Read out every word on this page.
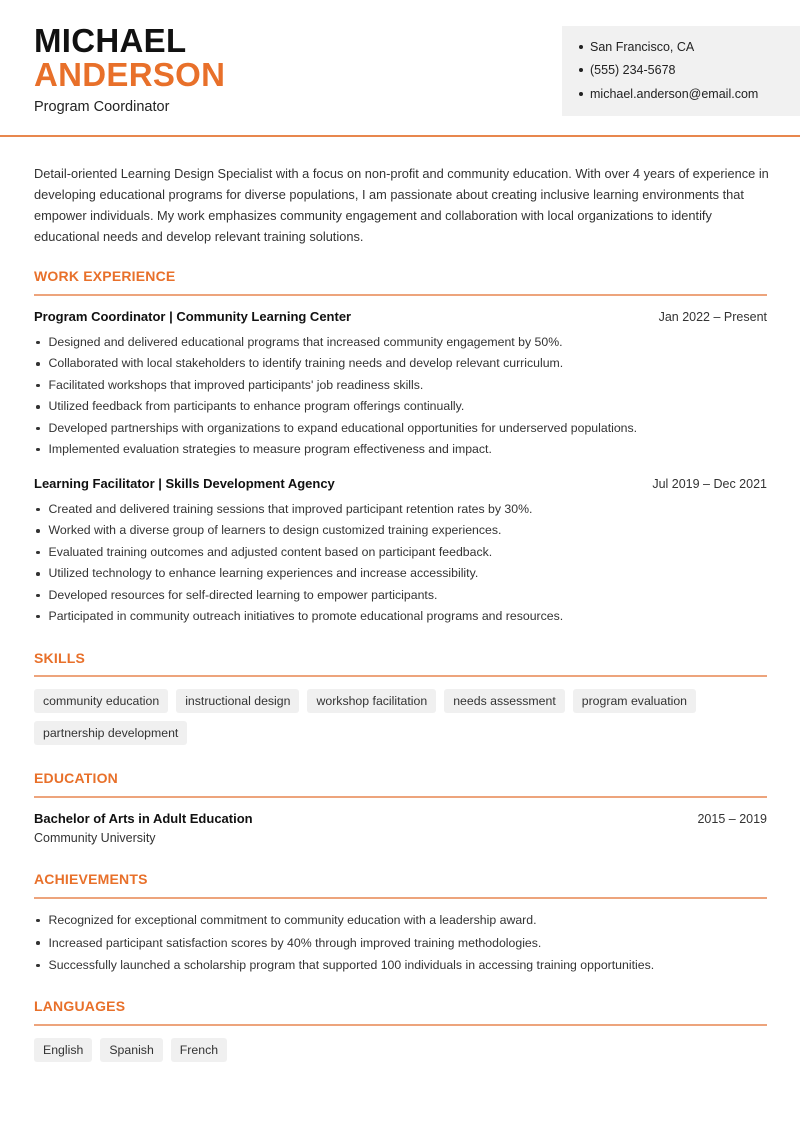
MICHAEL
ANDERSON
Program Coordinator
San Francisco, CA
(555) 234-5678
michael.anderson@email.com

Detail-oriented Learning Design Specialist with a focus on non-profit and community education. With over 4 years of experience in developing educational programs for diverse populations, I am passionate about creating inclusive learning environments that empower individuals. My work emphasizes community engagement and collaboration with local organizations to identify educational needs and develop relevant training solutions.

WORK EXPERIENCE
Program Coordinator | Community Learning Center	Jan 2022 – Present
Designed and delivered educational programs that increased community engagement by 50%.
Collaborated with local stakeholders to identify training needs and develop relevant curriculum.
Facilitated workshops that improved participants' job readiness skills.
Utilized feedback from participants to enhance program offerings continually.
Developed partnerships with organizations to expand educational opportunities for underserved populations.
Implemented evaluation strategies to measure program effectiveness and impact.
Learning Facilitator | Skills Development Agency	Jul 2019 – Dec 2021
Created and delivered training sessions that improved participant retention rates by 30%.
Worked with a diverse group of learners to design customized training experiences.
Evaluated training outcomes and adjusted content based on participant feedback.
Utilized technology to enhance learning experiences and increase accessibility.
Developed resources for self-directed learning to empower participants.
Participated in community outreach initiatives to promote educational programs and resources.
SKILLS
community education	instructional design	workshop facilitation	needs assessment	program evaluation
partnership development
EDUCATION
Bachelor of Arts in Adult Education	2015 – 2019
Community University
ACHIEVEMENTS
Recognized for exceptional commitment to community education with a leadership award.
Increased participant satisfaction scores by 40% through improved training methodologies.
Successfully launched a scholarship program that supported 100 individuals in accessing training opportunities.
LANGUAGES
English	Spanish	French
